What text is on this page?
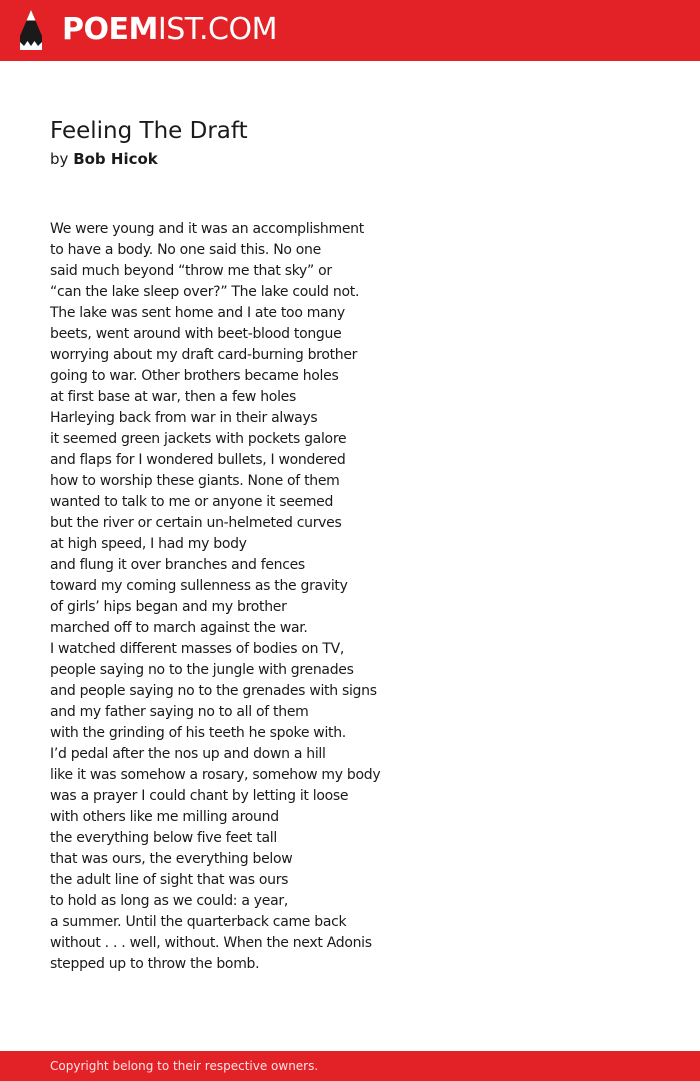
POEMIST.COM
Feeling The Draft
by Bob Hicok
We were young and it was an accomplishment
to have a body. No one said this. No one
said much beyond “throw me that sky” or
“can the lake sleep over?” The lake could not.
The lake was sent home and I ate too many
beets, went around with beet-blood tongue
worrying about my draft card-burning brother
going to war. Other brothers became holes
at first base at war, then a few holes
Harleying back from war in their always
it seemed green jackets with pockets galore
and flaps for I wondered bullets, I wondered
how to worship these giants. None of them
wanted to talk to me or anyone it seemed
but the river or certain un-helmeted curves
at high speed, I had my body
and flung it over branches and fences
toward my coming sullenness as the gravity
of girls’ hips began and my brother
marched off to march against the war.
I watched different masses of bodies on TV,
people saying no to the jungle with grenades
and people saying no to the grenades with signs
and my father saying no to all of them
with the grinding of his teeth he spoke with.
I’d pedal after the nos up and down a hill
like it was somehow a rosary, somehow my body
was a prayer I could chant by letting it loose
with others like me milling around
the everything below five feet tall
that was ours, the everything below
the adult line of sight that was ours
to hold as long as we could: a year,
a summer. Until the quarterback came back
without . . . well, without. When the next Adonis
stepped up to throw the bomb.
Copyright belong to their respective owners.
